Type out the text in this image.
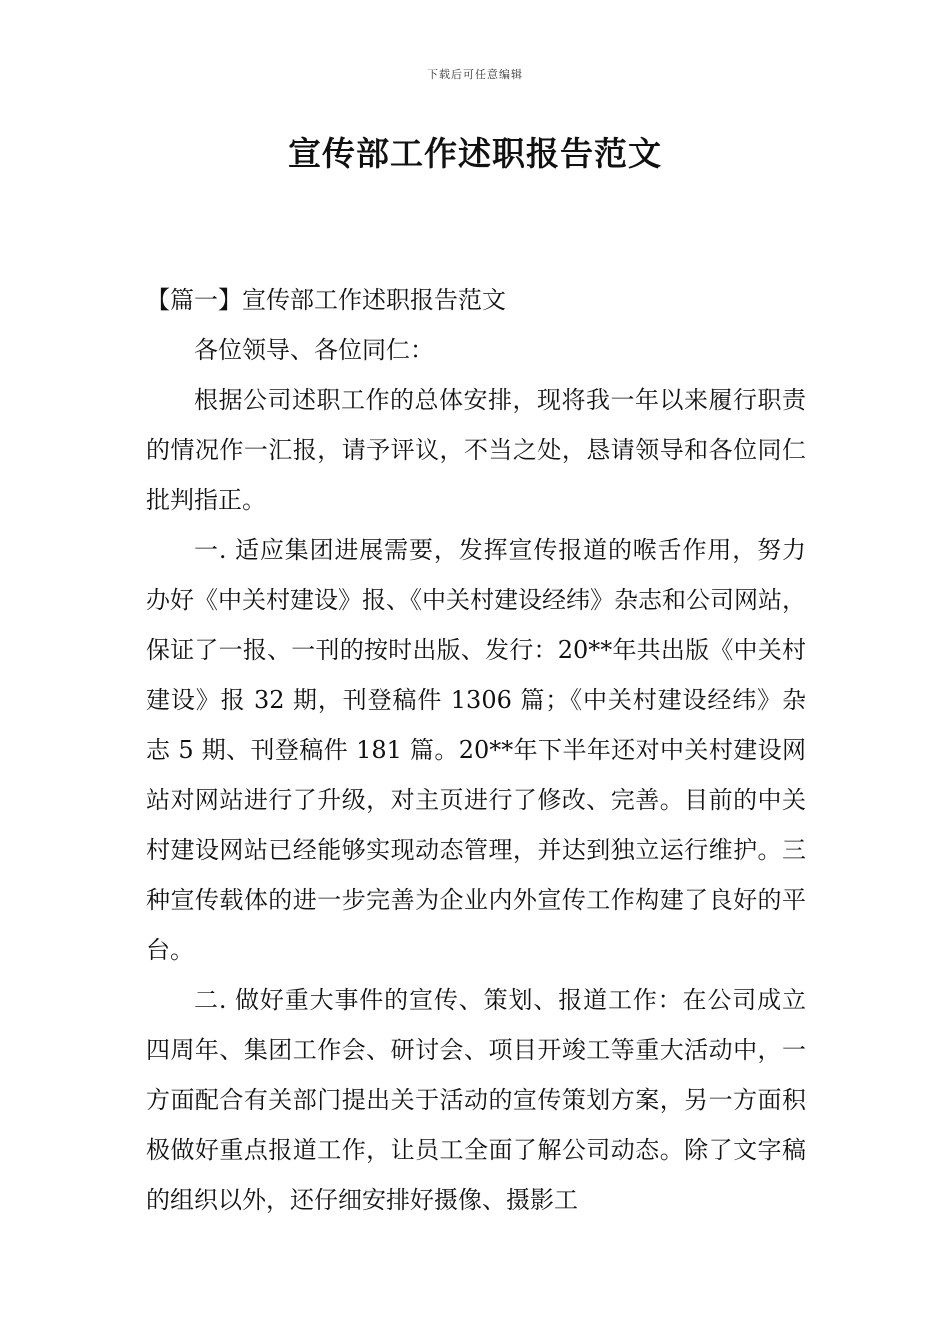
下载后可任意编辑
宣传部工作述职报告范文

【篇一】宣传部工作述职报告范文

各位领导、各位同仁：

根据公司述职工作的总体安排，现将我一年以来履行职责的情况作一汇报，请予评议，不当之处，恳请领导和各位同仁批判指正。

一. 适应集团进展需要，发挥宣传报道的喉舌作用，努力办好《中关村建设》报、《中关村建设经纬》杂志和公司网站，保证了一报、一刊的按时出版、发行：20**年共出版《中关村建设》报 32 期，刊登稿件 1306 篇；《中关村建设经纬》杂志 5 期、刊登稿件 181 篇。20**年下半年还对中关村建设网站对网站进行了升级，对主页进行了修改、完善。目前的中关村建设网站已经能够实现动态管理，并达到独立运行维护。三种宣传载体的进一步完善为企业内外宣传工作构建了良好的平台。

二. 做好重大事件的宣传、策划、报道工作：在公司成立四周年、集团工作会、研讨会、项目开竣工等重大活动中，一方面配合有关部门提出关于活动的宣传策划方案，另一方面积极做好重点报道工作，让员工全面了解公司动态。除了文字稿的组织以外，还仔细安排好摄像、摄影工
